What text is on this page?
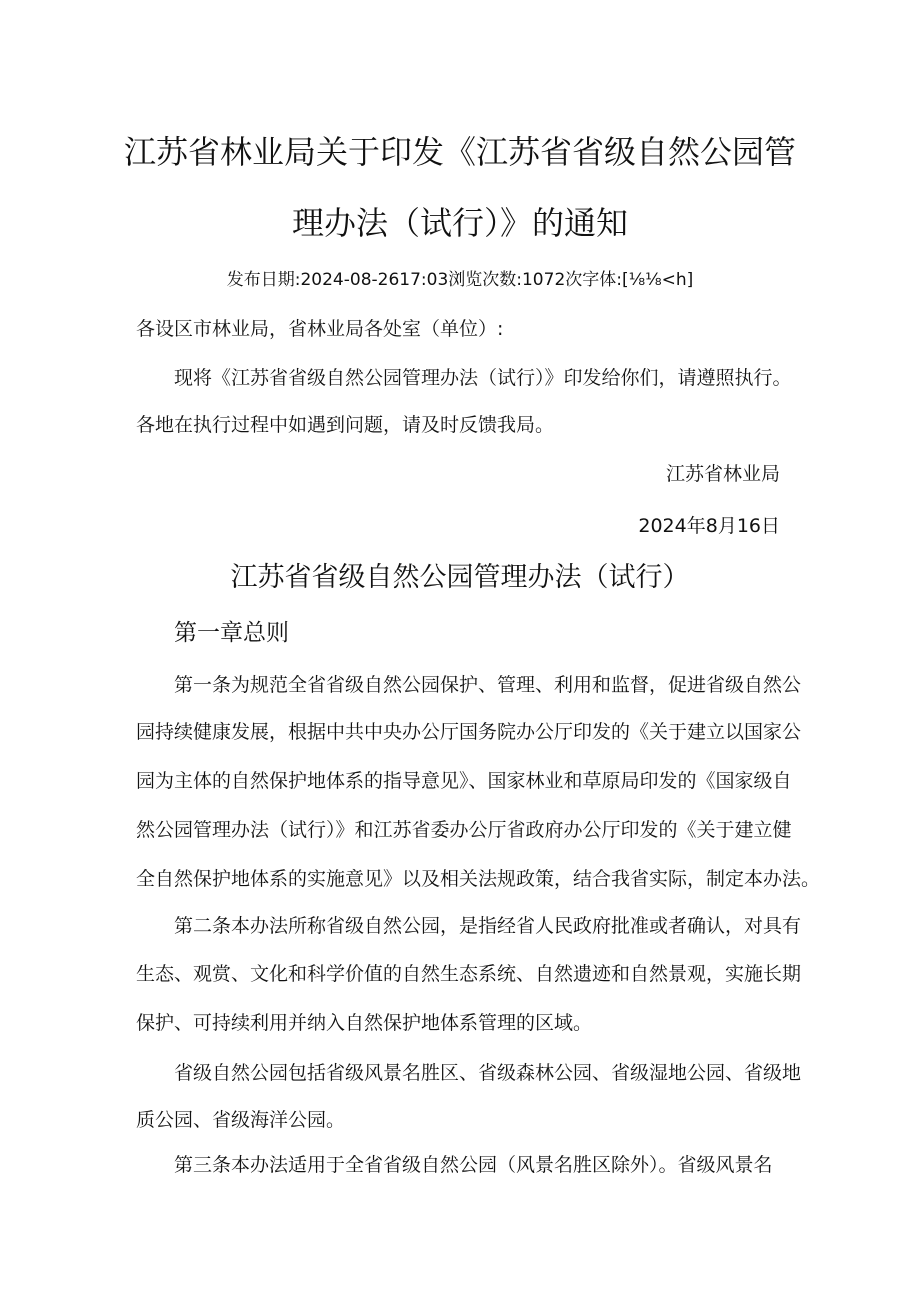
江苏省林业局关于印发《江苏省省级自然公园管
理办法（试行）》的通知
发布日期:2024-08-2617:03浏览次数:1072次字体:[⅛⅛<h]
各设区市林业局，省林业局各处室（单位）:
现将《江苏省省级自然公园管理办法（试行）》印发给你们，请遵照执行。
各地在执行过程中如遇到问题，请及时反馈我局。
江苏省林业局
2024年8月16日
江苏省省级自然公园管理办法（试行）
第一章总则
第一条为规范全省省级自然公园保护、管理、利用和监督，促进省级自然公
园持续健康发展，根据中共中央办公厅国务院办公厅印发的《关于建立以国家公
园为主体的自然保护地体系的指导意见》、国家林业和草原局印发的《国家级自
然公园管理办法（试行）》和江苏省委办公厅省政府办公厅印发的《关于建立健
全自然保护地体系的实施意见》以及相关法规政策，结合我省实际，制定本办法。
第二条本办法所称省级自然公园，是指经省人民政府批准或者确认，对具有
生态、观赏、文化和科学价值的自然生态系统、自然遗迹和自然景观，实施长期
保护、可持续利用并纳入自然保护地体系管理的区域。
省级自然公园包括省级风景名胜区、省级森林公园、省级湿地公园、省级地
质公园、省级海洋公园。
第三条本办法适用于全省省级自然公园（风景名胜区除外）。省级风景名
